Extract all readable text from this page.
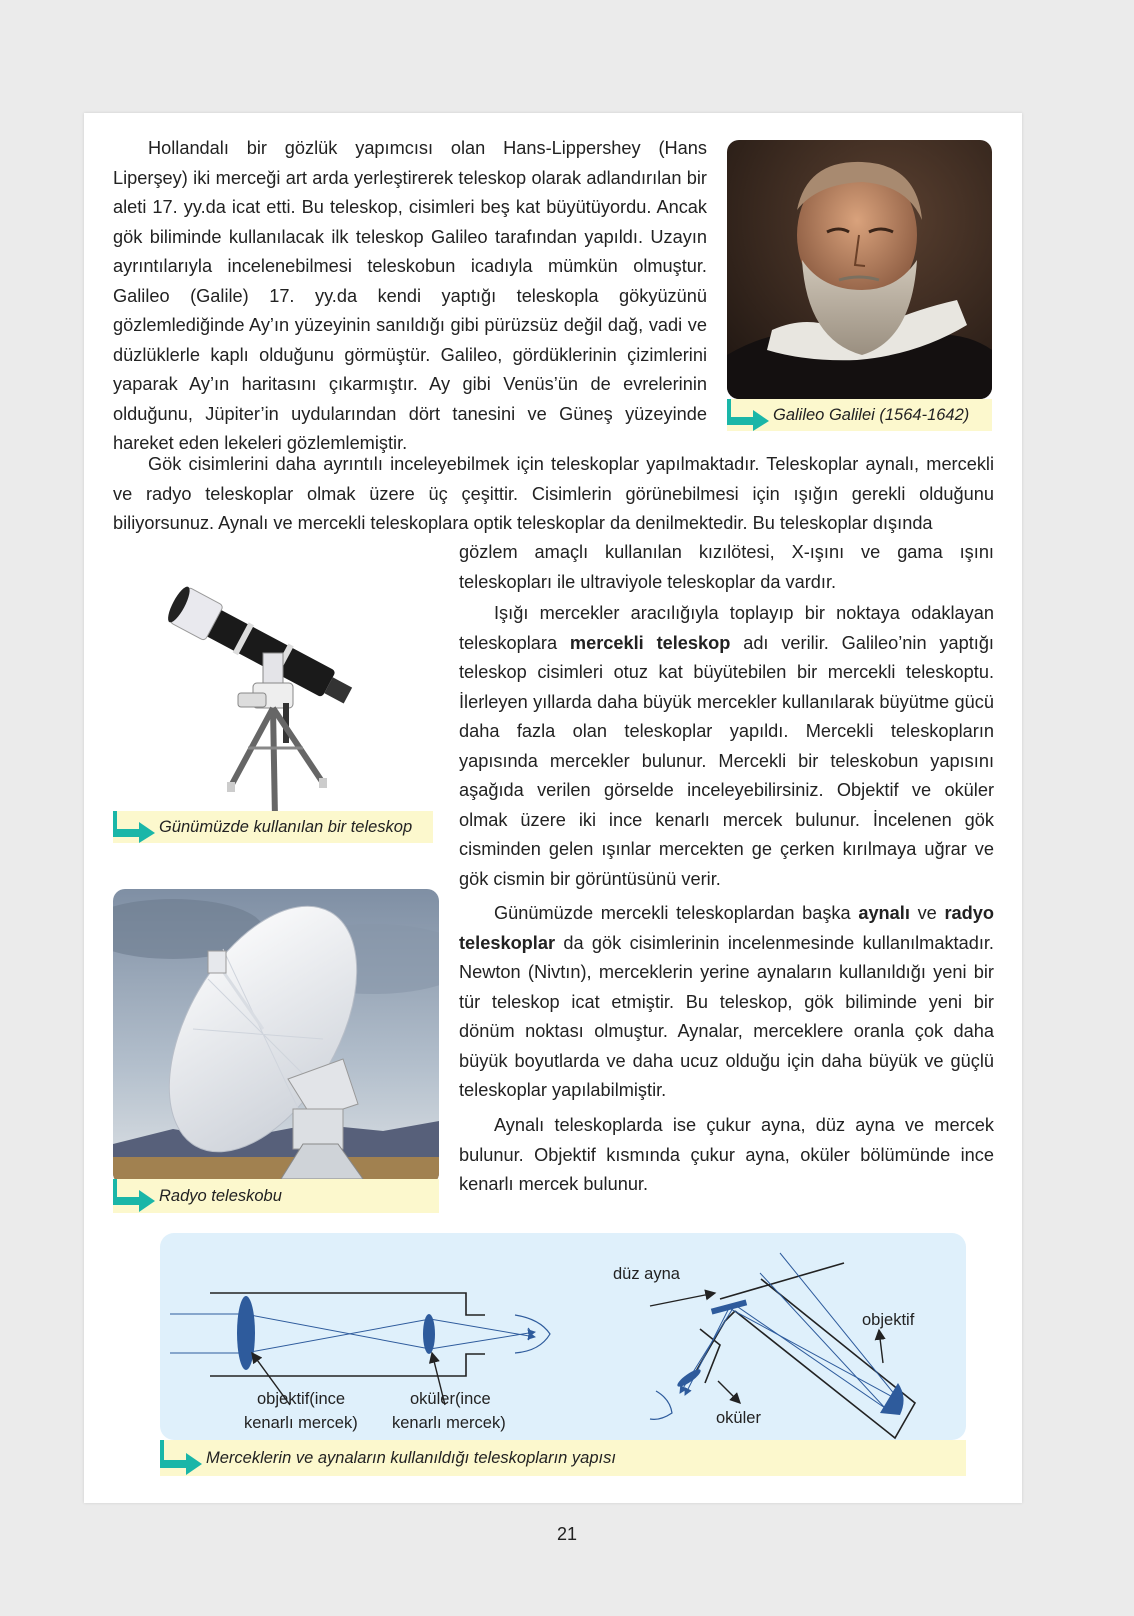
Hollandalı bir gözlük yapımcısı olan Hans-Lippershey (Hans Liperşey) iki merceği art arda yerleştirerek teleskop olarak adlandırılan bir aleti 17. yy.da icat etti. Bu teleskop, cisimleri beş kat büyütüyordu. Ancak gök biliminde kullanılacak ilk teleskop Galileo tarafından yapıldı. Uzayın ayrıntılarıyla incelenebilmesi teleskobun icadıyla mümkün olmuştur. Galileo (Galile) 17. yy.da kendi yaptığı teleskopla gökyüzünü gözlemlediğinde Ay’ın yüzeyinin sanıldığı gibi pürüzsüz değil dağ, vadi ve düzlüklerle kaplı olduğunu görmüştür. Galileo, gördüklerinin çizimlerini yaparak Ay’ın haritasını çıkarmıştır. Ay gibi Venüs’ün de evrelerinin olduğunu, Jüpiter’in uydularından dört tanesini ve Güneş yüzeyinde hareket eden lekeleri gözlemlemiştir.

Galileo Galilei (1564-1642)

Gök cisimlerini daha ayrıntılı inceleyebilmek için teleskoplar yapılmaktadır. Teleskoplar aynalı, mercekli ve radyo teleskoplar olmak üzere üç çeşittir. Cisimlerin görünebilmesi için ışığın gerekli olduğunu biliyorsunuz. Aynalı ve mercekli teleskoplara optik teleskoplar da denilmektedir. Bu teleskoplar dışında

gözlem amaçlı kullanılan kızılötesi, X-ışını ve gama ışını teleskopları ile ultraviyole teleskoplar da vardır.

Işığı mercekler aracılığıyla toplayıp bir noktaya odaklayan teleskoplara mercekli teleskop adı verilir. Galileo’nin yaptığı teleskop cisimleri otuz kat büyütebilen bir mercekli teleskoptu. İlerleyen yıllarda daha büyük mercekler kullanılarak büyütme gücü daha fazla olan teleskoplar yapıldı. Mercekli teleskopların yapısında mercekler bulunur. Mercekli bir teleskobun yapısını aşağıda verilen görselde inceleyebilirsiniz. Objektif ve oküler olmak üzere iki ince kenarlı mercek bulunur. İncelenen gök cisminden gelen ışınlar mercekten ge çerken kırılmaya uğrar ve gök cismin bir görüntüsünü verir.

Günümüzde mercekli teleskoplardan başka aynalı ve radyo teleskoplar da gök cisimlerinin incelenmesinde kullanılmaktadır. Newton (Nivtın), merceklerin yerine aynaların kullanıldığı yeni bir tür teleskop icat etmiştir. Bu teleskop, gök biliminde yeni bir dönüm noktası olmuştur. Aynalar, merceklere oranla çok daha büyük boyutlarda ve daha ucuz olduğu için daha büyük ve güçlü teleskoplar yapılabilmiştir.

Aynalı teleskoplarda ise çukur ayna, düz ayna ve mercek bulunur. Objektif kısmında çukur ayna, oküler bölümünde ince kenarlı mercek bulunur.

Günümüzde kullanılan bir teleskop
Radyo teleskobu
objektif(ince
kenarlı mercek)
oküler(ince
kenarlı mercek)
düz ayna
objektif
oküler
Merceklerin ve aynaların kullanıldığı teleskopların yapısı
21
